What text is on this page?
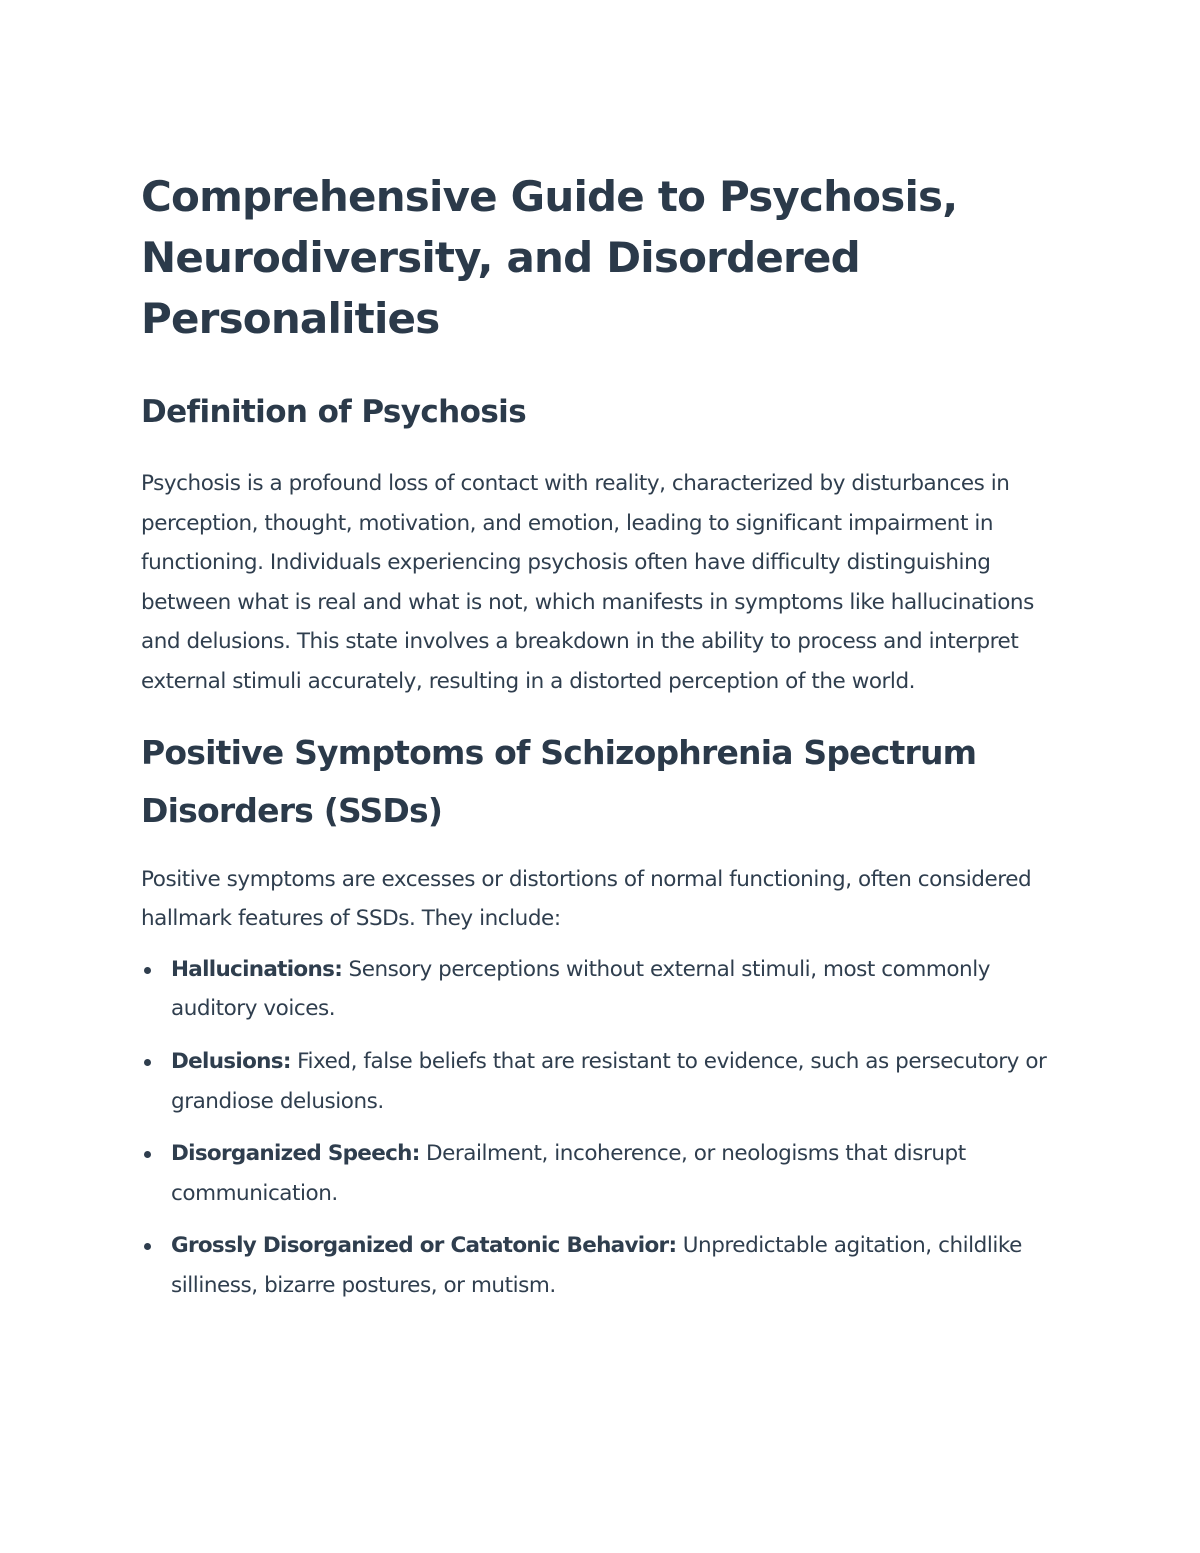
Comprehensive Guide to Psychosis, Neurodiversity, and Disordered Personalities
Definition of Psychosis

Psychosis is a profound loss of contact with reality, characterized by disturbances in perception, thought, motivation, and emotion, leading to significant impairment in functioning. Individuals experiencing psychosis often have difficulty distinguishing between what is real and what is not, which manifests in symptoms like hallucinations and delusions. This state involves a breakdown in the ability to process and interpret external stimuli accurately, resulting in a distorted perception of the world.

Positive Symptoms of Schizophrenia Spectrum Disorders (SSDs)

Positive symptoms are excesses or distortions of normal functioning, often considered hallmark features of SSDs. They include:

Hallucinations: Sensory perceptions without external stimuli, most commonly auditory voices.
Delusions: Fixed, false beliefs that are resistant to evidence, such as persecutory or grandiose delusions.
Disorganized Speech: Derailment, incoherence, or neologisms that disrupt communication.
Grossly Disorganized or Catatonic Behavior: Unpredictable agitation, childlike silliness, bizarre postures, or mutism.
